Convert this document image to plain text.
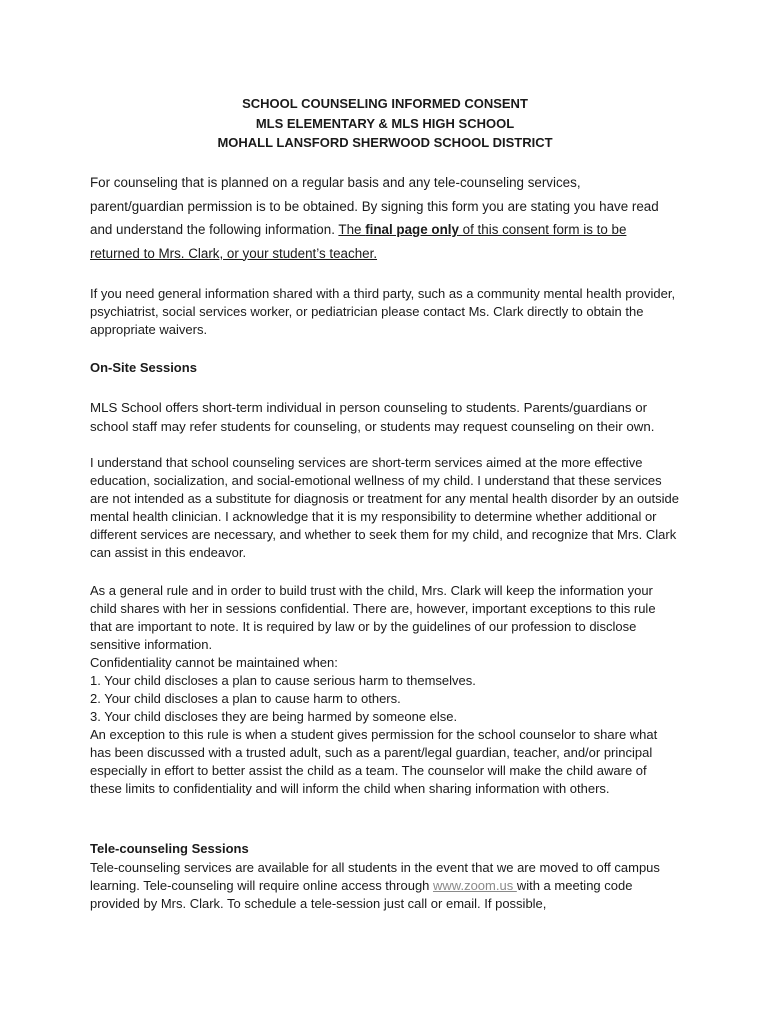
SCHOOL COUNSELING INFORMED CONSENT
MLS ELEMENTARY & MLS HIGH SCHOOL
MOHALL LANSFORD SHERWOOD SCHOOL DISTRICT

For counseling that is planned on a regular basis and any tele-counseling services, parent/guardian permission is to be obtained. By signing this form you are stating you have read and understand the following information. The final page only of this consent form is to be returned to Mrs. Clark, or your student’s teacher.

If you need general information shared with a third party, such as a community mental health provider, psychiatrist, social services worker, or pediatrician please contact Ms. Clark directly to obtain the appropriate waivers.

On-Site Sessions

MLS School offers short-term individual in person counseling to students. Parents/guardians or school staff may refer students for counseling, or students may request counseling on their own.

I understand that school counseling services are short-term services aimed at the more effective education, socialization, and social-emotional wellness of my child. I understand that these services are not intended as a substitute for diagnosis or treatment for any mental health disorder by an outside mental health clinician. I acknowledge that it is my responsibility to determine whether additional or different services are necessary, and whether to seek them for my child, and recognize that Mrs. Clark can assist in this endeavor.

As a general rule and in order to build trust with the child, Mrs. Clark will keep the information your child shares with her in sessions confidential. There are, however, important exceptions to this rule that are important to note. It is required by law or by the guidelines of our profession to disclose sensitive information.

Confidentiality cannot be maintained when:

1. Your child discloses a plan to cause serious harm to themselves.

2. Your child discloses a plan to cause harm to others.

3. Your child discloses they are being harmed by someone else.

An exception to this rule is when a student gives permission for the school counselor to share what has been discussed with a trusted adult, such as a parent/legal guardian, teacher, and/or principal especially in effort to better assist the child as a team. The counselor will make the child aware of these limits to confidentiality and will inform the child when sharing information with others.

Tele-counseling Sessions

Tele-counseling services are available for all students in the event that we are moved to off campus learning. Tele-counseling will require online access through www.zoom.us with a meeting code provided by Mrs. Clark. To schedule a tele-session just call or email. If possible,
